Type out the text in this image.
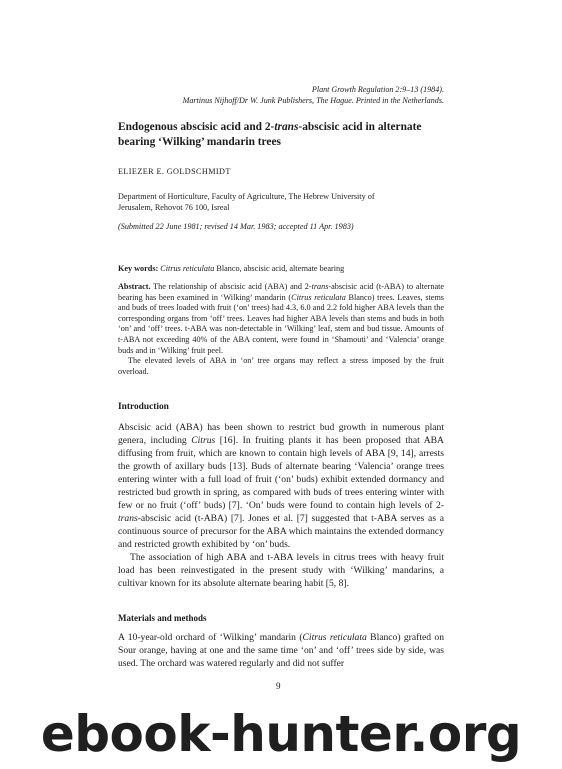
Plant Growth Regulation 2:9–13 (1984).
Martinus Nijhoff/Dr W. Junk Publishers, The Hague. Printed in the Netherlands.
Endogenous abscisic acid and 2-trans-abscisic acid in alternate bearing ‘Wilking’ mandarin trees
ELIEZER E. GOLDSCHMIDT
Department of Horticulture, Faculty of Agriculture, The Hebrew University of
Jerusalem, Rehovot 76 100, Isreal
(Submitted 22 June 1981; revised 14 Mar. 1983; accepted 11 Apr. 1983)
Key words: Citrus reticulata Blanco, abscisic acid, alternate bearing

Abstract. The relationship of abscisic acid (ABA) and 2-trans-abscisic acid (t-ABA) to alternate bearing has been examined in ‘Wilking’ mandarin (Citrus reticulata Blanco) trees. Leaves, stems and buds of trees loaded with fruit (‘on’ trees) had 4.3, 6.0 and 2.2 fold higher ABA levels than the corresponding organs from ‘off’ trees. Leaves had higher ABA levels than stems and buds in both ‘on’ and ‘off’ trees. t-ABA was non-detectable in ‘Wilking’ leaf, stem and bud tissue. Amounts of t-ABA not exceeding 40% of the ABA content, were found in ‘Shamouti’ and ‘Valencia’ orange buds and in ‘Wilking’ fruit peel.

The elevated levels of ABA in ‘on’ tree organs may reflect a stress imposed by the fruit overload.

Introduction

Abscisic acid (ABA) has been shown to restrict bud growth in numerous plant genera, including Citrus [16]. In fruiting plants it has been proposed that ABA diffusing from fruit, which are known to contain high levels of ABA [9, 14], arrests the growth of axillary buds [13]. Buds of alternate bearing ‘Valencia’ orange trees entering winter with a full load of fruit (‘on’ buds) exhibit extended dormancy and restricted bud growth in spring, as compared with buds of trees entering winter with few or no fruit (‘off’ buds) [7]. ‘On’ buds were found to contain high levels of 2-trans-abscisic acid (t-ABA) [7]. Jones et al. [7] suggested that t-ABA serves as a continuous source of precursor for the ABA which maintains the extended dormancy and restricted growth exhibited by ‘on’ buds.

The association of high ABA and t-ABA levels in citrus trees with heavy fruit load has been reinvestigated in the present study with ‘Wilking’ mandarins, a cultivar known for its absolute alternate bearing habit [5, 8].

Materials and methods

A 10-year-old orchard of ‘Wilking’ mandarin (Citrus reticulata Blanco) grafted on Sour orange, having at one and the same time ‘on’ and ‘off’ trees side by side, was used. The orchard was watered regularly and did not suffer

9
ebook-hunter.org
